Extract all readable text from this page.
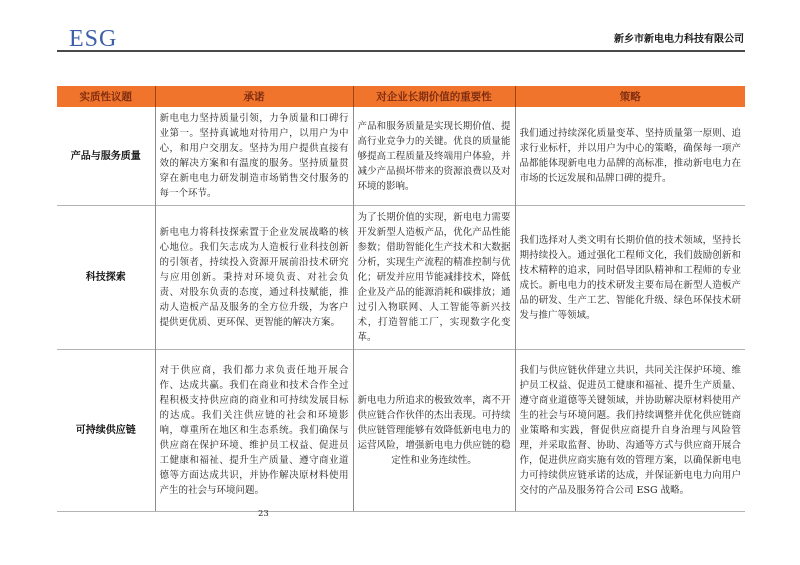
ESG	新乡市新电电力科技有限公司
实质性议题	承诺	对企业长期价值的重要性	策略
产品与服务质量	新电电力坚持质量引领，力争质量和口碑行业第一。坚持真诚地对待用户，以用户为中心，和用户交朋友。坚持为用户提供直接有效的解决方案和有温度的服务。坚持质量贯穿在新电电力研发制造市场销售交付服务的每一个环节。	产品和服务质量是实现长期价值、提高行业竞争力的关键。优良的质量能够提高工程质量及终端用户体验，并减少产品损坏带来的资源浪费以及对环境的影响。	我们通过持续深化质量变革、坚持质量第一原则、追求行业标杆，并以用户为中心的策略，确保每一项产品都能体现新电电力品牌的高标准，推动新电电力在市场的长远发展和品牌口碑的提升。
科技探索	新电电力将科技探索置于企业发展战略的核心地位。我们矢志成为人造板行业科技创新的引领者，持续投入资源开展前沿技术研究与应用创新。秉持对环境负责、对社会负责、对股东负责的态度，通过科技赋能，推动人造板产品及服务的全方位升级，为客户提供更优质、更环保、更智能的解决方案。	为了长期价值的实现，新电电力需要开发新型人造板产品，优化产品性能参数；借助智能化生产技术和大数据分析，实现生产流程的精准控制与优化；研发并应用节能减排技术，降低企业及产品的能源消耗和碳排放；通过引入物联网、人工智能等新兴技术，打造智能工厂，实现数字化变革。	我们选择对人类文明有长期价值的技术领域，坚持长期持续投入。通过强化工程师文化，我们鼓励创新和技术精粹的追求，同时倡导团队精神和工程师的专业成长。新电电力的技术研发主要布局在新型人造板产品的研发、生产工艺、智能化升级、绿色环保技术研发与推广等领域。
可持续供应链	对于供应商，我们都力求负责任地开展合作、达成共赢。我们在商业和技术合作全过程积极支持供应商的商业和可持续发展目标的达成。我们关注供应链的社会和环境影响，尊重所在地区和生态系统。我们确保与供应商在保护环境、维护员工权益、促进员工健康和福祉、提升生产质量、遵守商业道德等方面达成共识，并协作解决原材料使用产生的社会与环境问题。	新电电力所追求的极致效率，离不开供应链合作伙伴的杰出表现。可持续供应链管理能够有效降低新电电力的运营风险，增强新电电力供应链的稳定性和业务连续性。	我们与供应链伙伴建立共识，共同关注保护环境、维护员工权益、促进员工健康和福祉、提升生产质量、遵守商业道德等关键领域，并协助解决原材料使用产生的社会与环境问题。我们持续调整并优化供应链商业策略和实践，督促供应商提升自身治理与风险管理，并采取监督、协助、沟通等方式与供应商开展合作，促进供应商实施有效的管理方案，以确保新电电力可持续供应链承诺的达成，并保证新电电力向用户交付的产品及服务符合公司 ESG 战略。
23
